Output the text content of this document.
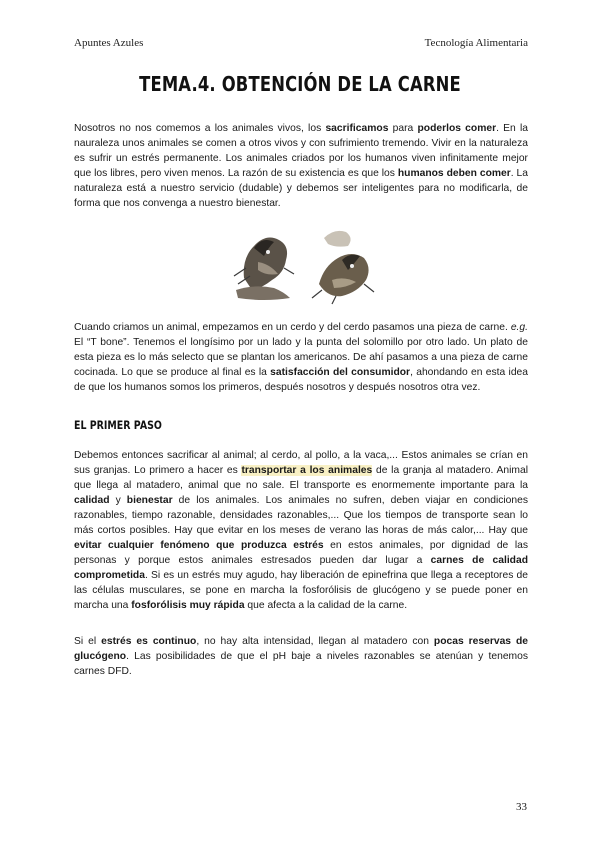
Apuntes Azules	Tecnología Alimentaria
TEMA.4. OBTENCIÓN DE LA CARNE

Nosotros no nos comemos a los animales vivos, los sacrificamos para poderlos comer. En la nauraleza unos animales se comen a otros vivos y con sufrimiento tremendo. Vivir en la naturaleza es sufrir un estrés permanente. Los animales criados por los humanos viven infinitamente mejor que los libres, pero viven menos. La razón de su existencia es que los humanos deben comer. La naturaleza está a nuestro servicio (dudable) y debemos ser inteligentes para no modificarla, de forma que nos convenga a nuestro bienestar.

Cuando criamos un animal, empezamos en un cerdo y del cerdo pasamos una pieza de carne. e.g. El “T bone”. Tenemos el longísimo por un lado y la punta del solomillo por otro lado. Un plato de esta pieza es lo más selecto que se plantan los americanos. De ahí pasamos a una pieza de carne cocinada. Lo que se produce al final es la satisfacción del consumidor, ahondando en esta idea de que los humanos somos los primeros, después nosotros y después nosotros otra vez.

EL PRIMER PASO

Debemos entonces sacrificar al animal; al cerdo, al pollo, a la vaca,... Estos animales se crían en sus granjas. Lo primero a hacer es transportar a los animales de la granja al matadero. Animal que llega al matadero, animal que no sale. El transporte es enormemente importante para la calidad y bienestar de los animales. Los animales no sufren, deben viajar en condiciones razonables, tiempo razonable, densidades razonables,... Que los tiempos de transporte sean lo más cortos posibles. Hay que evitar en los meses de verano las horas de más calor,... Hay que evitar cualquier fenómeno que produzca estrés en estos animales, por dignidad de las personas y porque estos animales estresados pueden dar lugar a carnes de calidad comprometida. Si es un estrés muy agudo, hay liberación de epinefrina que llega a receptores de las células musculares, se pone en marcha la fosforólisis de glucógeno y se puede poner en marcha una fosforólisis muy rápida que afecta a la calidad de la carne.

Si el estrés es continuo, no hay alta intensidad, llegan al matadero con pocas reservas de glucógeno. Las posibilidades de que el pH baje a niveles razonables se atenúan y tenemos carnes DFD.

33
